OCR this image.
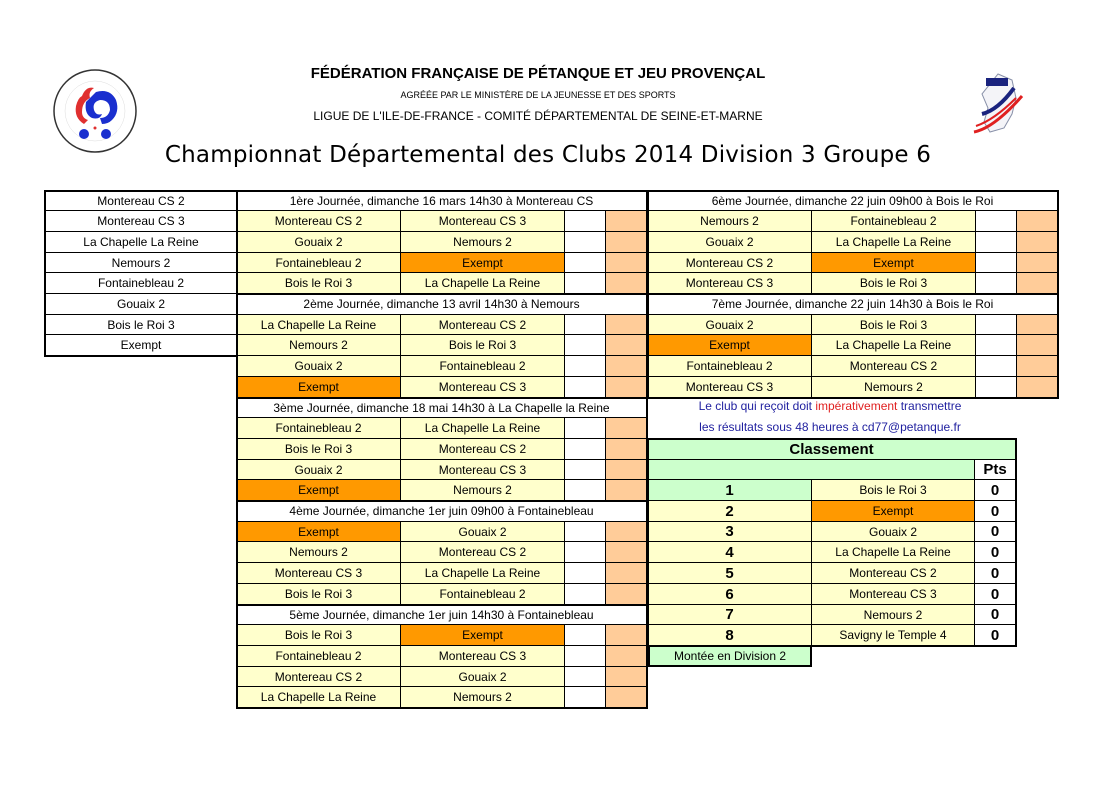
FÉDÉRATION FRANÇAISE DE PÉTANQUE ET JEU PROVENÇAL
AGRÉÉE PAR LE MINISTÈRE DE LA JEUNESSE ET DES SPORTS
LIGUE DE L'ILE-DE-FRANCE - COMITÉ DÉPARTEMENTAL DE SEINE-ET-MARNE
Championnat Départemental des Clubs 2014 Division 3 Groupe 6
Montereau CS 2
Montereau CS 3
La Chapelle La Reine
Nemours 2
Fontainebleau 2
Gouaix 2
Bois le Roi 3
Exempt
1ère Journée, dimanche 16 mars 14h30 à Montereau CS
Montereau CS 2	Montereau CS 3
Gouaix 2	Nemours 2
Fontainebleau 2	Exempt
Bois le Roi 3	La Chapelle La Reine
2ème Journée, dimanche 13 avril 14h30 à Nemours
La Chapelle La Reine	Montereau CS 2
Nemours 2	Bois le Roi 3
Gouaix 2	Fontainebleau 2
Exempt	Montereau CS 3
3ème Journée, dimanche 18 mai 14h30 à La Chapelle la Reine
Fontainebleau 2	La Chapelle La Reine
Bois le Roi 3	Montereau CS 2
Gouaix 2	Montereau CS 3
Exempt	Nemours 2
4ème Journée, dimanche 1er juin 09h00 à Fontainebleau
Exempt	Gouaix 2
Nemours 2	Montereau CS 2
Montereau CS 3	La Chapelle La Reine
Bois le Roi 3	Fontainebleau 2
5ème Journée, dimanche 1er juin 14h30 à Fontainebleau
Bois le Roi 3	Exempt
Fontainebleau 2	Montereau CS 3
Montereau CS 2	Gouaix 2
La Chapelle La Reine	Nemours 2
6ème Journée, dimanche 22 juin 09h00 à Bois le Roi
Nemours 2	Fontainebleau 2
Gouaix 2	La Chapelle La Reine
Montereau CS 2	Exempt
Montereau CS 3	Bois le Roi 3
7ème Journée, dimanche 22 juin 14h30 à Bois le Roi
Gouaix 2	Bois le Roi 3
Exempt	La Chapelle La Reine
Fontainebleau 2	Montereau CS 2
Montereau CS 3	Nemours 2
Le club qui reçoit doit impérativement transmettre
les résultats sous 48 heures à cd77@petanque.fr
Classement
Pts
1	Bois le Roi 3	0
2	Exempt	0
3	Gouaix 2	0
4	La Chapelle La Reine	0
5	Montereau CS 2	0
6	Montereau CS 3	0
7	Nemours 2	0
8	Savigny le Temple 4	0
Montée en Division 2
